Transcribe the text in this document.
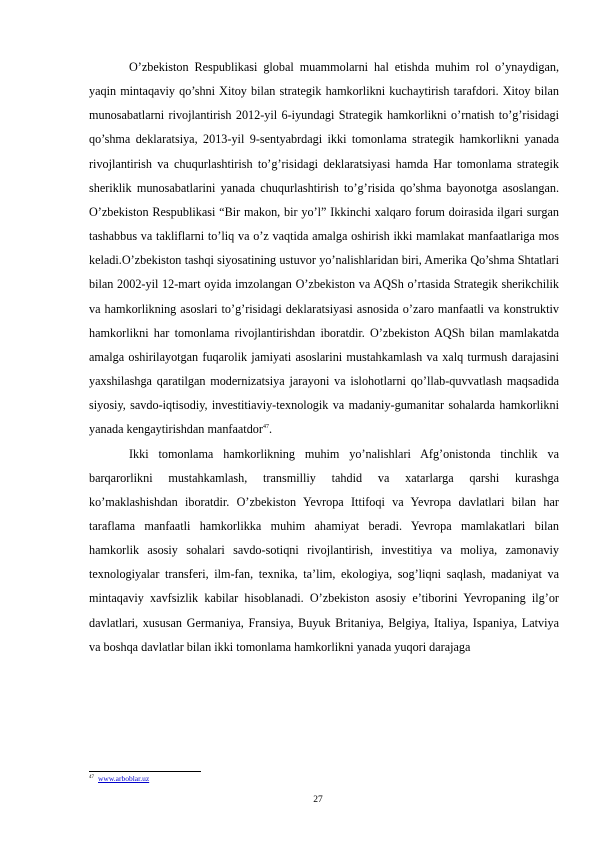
O’zbekiston Respublikasi global muammolarni hal etishda muhim rol o’ynaydigan, yaqin mintaqaviy qo’shni Xitoy bilan strategik hamkorlikni kuchaytirish tarafdori. Xitoy bilan munosabatlarni rivojlantirish 2012-yil 6-iyundagi Strategik hamkorlikni o’rnatish to’g’risidagi qo’shma deklaratsiya, 2013-yil 9-sentyabrdagi ikki tomonlama strategik hamkorlikni yanada rivojlantirish va chuqurlashtirish to’g’risidagi deklaratsiyasi hamda Har tomonlama strategik sheriklik munosabatlarini yanada chuqurlashtirish to’g’risida qo’shma bayonotga asoslangan. O’zbekiston Respublikasi “Bir makon, bir yo’l” Ikkinchi xalqaro forum doirasida ilgari surgan tashabbus va takliflarni to’liq va o’z vaqtida amalga oshirish ikki mamlakat manfaatlariga mos keladi.O’zbekiston tashqi siyosatining ustuvor yo’nalishlaridan biri, Amerika Qo’shma Shtatlari bilan 2002-yil 12-mart oyida imzolangan O’zbekiston va AQSh o’rtasida Strategik sherikchilik va hamkorlikning asoslari to’g’risidagi deklaratsiyasi asnosida o’zaro manfaatli va konstruktiv hamkorlikni har tomonlama rivojlantirishdan iboratdir. O’zbekiston AQSh bilan mamlakatda amalga oshirilayotgan fuqarolik jamiyati asoslarini mustahkamlash va xalq turmush darajasini yaxshilashga qaratilgan modernizatsiya jarayoni va islohotlarni qo’llab-quvvatlash maqsadida siyosiy, savdo-iqtisodiy, investitiaviy-texnologik va madaniy-gumanitar sohalarda hamkorlikni yanada kengaytirishdan manfaatdor$^{47}$.

Ikki tomonlama hamkorlikning muhim yo’nalishlari Afg’onistonda tinchlik va barqarorlikni mustahkamlash, transmilliy tahdid va xatarlarga qarshi kurashga ko’maklashishdan iboratdir. O’zbekiston Yevropa Ittifoqi va Yevropa davlatlari bilan har taraflama manfaatli hamkorlikka muhim ahamiyat beradi. Yevropa mamlakatlari bilan hamkorlik asosiy sohalari savdo-sotiqni rivojlantirish, investitiya va moliya, zamonaviy texnologiyalar transferi, ilm-fan, texnika, ta’lim, ekologiya, sog’liqni saqlash, madaniyat va mintaqaviy xavfsizlik kabilar hisoblanadi. O’zbekiston asosiy e’tiborini Yevropaning ilg’or davlatlari, xususan Germaniya, Fransiya, Buyuk Britaniya, Belgiya, Italiya, Ispaniya, Latviya va boshqa davlatlar bilan ikki tomonlama hamkorlikni yanada yuqori darajaga

$^{47}$ www.arboblar.uz
27
